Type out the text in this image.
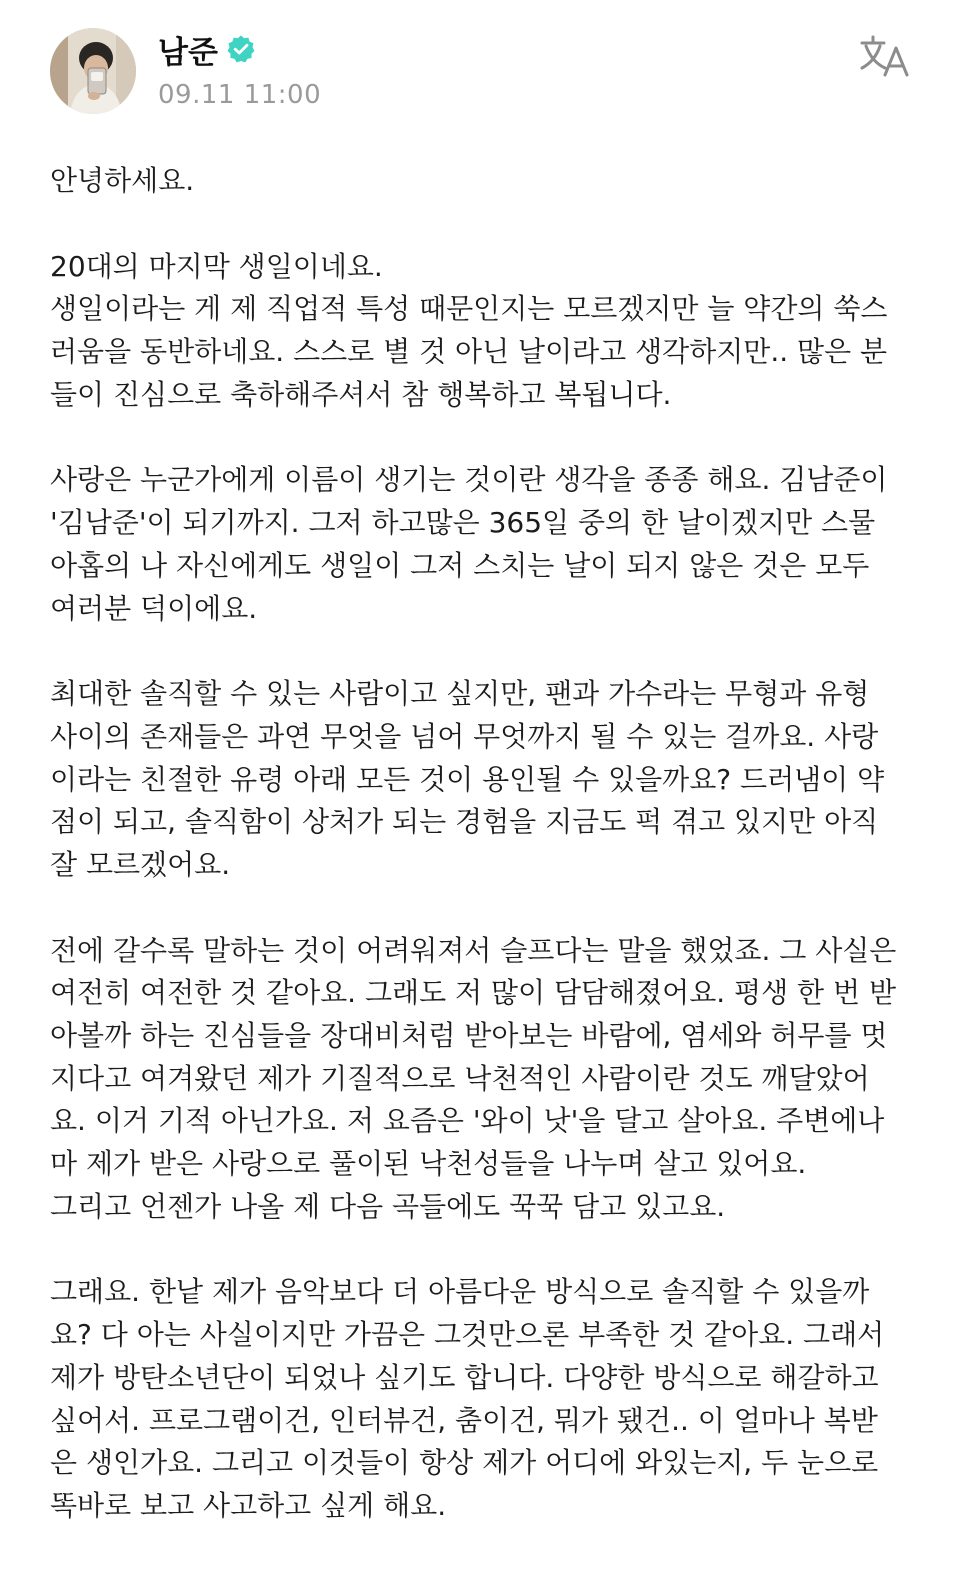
남준
09.11 11:00
안녕하세요.
20대의 마지막 생일이네요.
생일이라는 게 제 직업적 특성 때문인지는 모르겠지만 늘 약간의 쑥스
러움을 동반하네요. 스스로 별 것 아닌 날이라고 생각하지만.. 많은 분
들이 진심으로 축하해주셔서 참 행복하고 복됩니다.
사랑은 누군가에게 이름이 생기는 것이란 생각을 종종 해요. 김남준이
'김남준'이 되기까지. 그저 하고많은 365일 중의 한 날이겠지만 스물
아홉의 나 자신에게도 생일이 그저 스치는 날이 되지 않은 것은 모두
여러분 덕이에요.
최대한 솔직할 수 있는 사람이고 싶지만, 팬과 가수라는 무형과 유형
사이의 존재들은 과연 무엇을 넘어 무엇까지 될 수 있는 걸까요. 사랑
이라는 친절한 유령 아래 모든 것이 용인될 수 있을까요? 드러냄이 약
점이 되고, 솔직함이 상처가 되는 경험을 지금도 퍽 겪고 있지만 아직
잘 모르겠어요.
전에 갈수록 말하는 것이 어려워져서 슬프다는 말을 했었죠. 그 사실은
여전히 여전한 것 같아요. 그래도 저 많이 담담해졌어요. 평생 한 번 받
아볼까 하는 진심들을 장대비처럼 받아보는 바람에, 염세와 허무를 멋
지다고 여겨왔던 제가 기질적으로 낙천적인 사람이란 것도 깨달았어
요. 이거 기적 아닌가요. 저 요즘은 '와이 낫'을 달고 살아요. 주변에나
마 제가 받은 사랑으로 풀이된 낙천성들을 나누며 살고 있어요.
그리고 언젠가 나올 제 다음 곡들에도 꾹꾹 담고 있고요.
그래요. 한낱 제가 음악보다 더 아름다운 방식으로 솔직할 수 있을까
요? 다 아는 사실이지만 가끔은 그것만으론 부족한 것 같아요. 그래서
제가 방탄소년단이 되었나 싶기도 합니다. 다양한 방식으로 해갈하고
싶어서. 프로그램이건, 인터뷰건, 춤이건, 뭐가 됐건.. 이 얼마나 복받
은 생인가요. 그리고 이것들이 항상 제가 어디에 와있는지, 두 눈으로
똑바로 보고 사고하고 싶게 해요.
